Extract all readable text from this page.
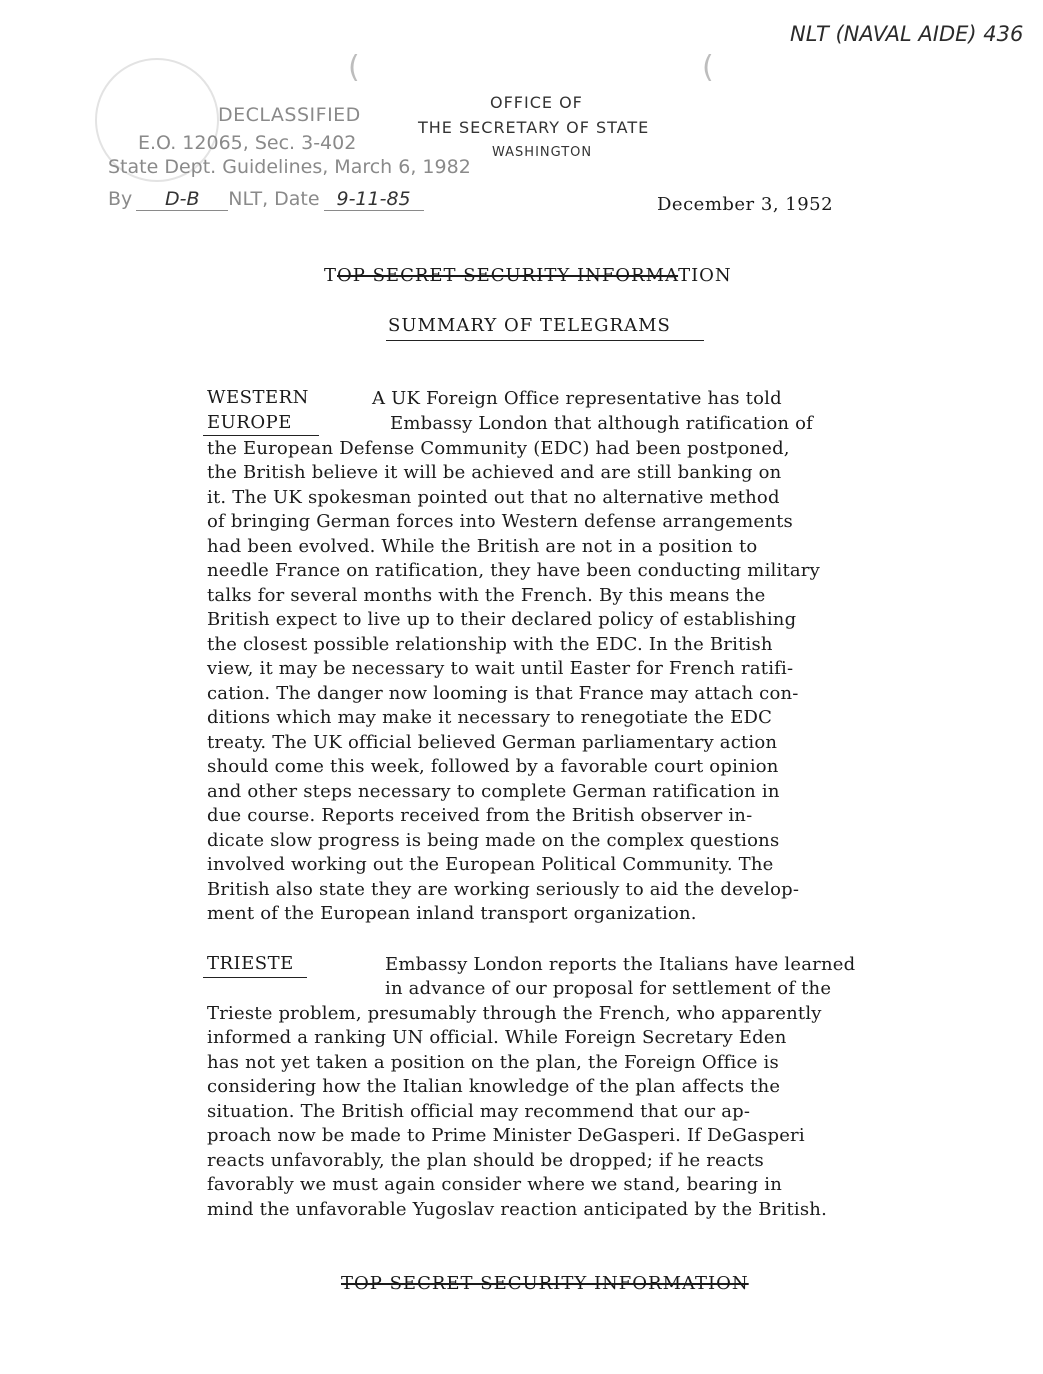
NLT (NAVAL AIDE) 436
(	(
DECLASSIFIED
E.O. 12065, Sec. 3-402
State Dept. Guidelines, March 6, 1982
By D-B NLT, Date 9-11-85
OFFICE OF
THE SECRETARY OF STATE
WASHINGTON
December 3, 1952
TOP SECRET SECURITY INFORMATION
SUMMARY OF TELEGRAMS
WESTERN
EUROPE
A UK Foreign Office representative has told
Embassy London that although ratification of
the European Defense Community (EDC) had been postponed,
the British believe it will be achieved and are still banking on
it. The UK spokesman pointed out that no alternative method
of bringing German forces into Western defense arrangements
had been evolved. While the British are not in a position to
needle France on ratification, they have been conducting military
talks for several months with the French. By this means the
British expect to live up to their declared policy of establishing
the closest possible relationship with the EDC. In the British
view, it may be necessary to wait until Easter for French ratifi-
cation. The danger now looming is that France may attach con-
ditions which may make it necessary to renegotiate the EDC
treaty. The UK official believed German parliamentary action
should come this week, followed by a favorable court opinion
and other steps necessary to complete German ratification in
due course. Reports received from the British observer in-
dicate slow progress is being made on the complex questions
involved working out the European Political Community. The
British also state they are working seriously to aid the develop-
ment of the European inland transport organization.
TRIESTE	Embassy London reports the Italians have learned
in advance of our proposal for settlement of the
Trieste problem, presumably through the French, who apparently
informed a ranking UN official. While Foreign Secretary Eden
has not yet taken a position on the plan, the Foreign Office is
considering how the Italian knowledge of the plan affects the
situation. The British official may recommend that our ap-
proach now be made to Prime Minister DeGasperi. If DeGasperi
reacts unfavorably, the plan should be dropped; if he reacts
favorably we must again consider where we stand, bearing in
mind the unfavorable Yugoslav reaction anticipated by the British.
TOP SECRET SECURITY INFORMATION
